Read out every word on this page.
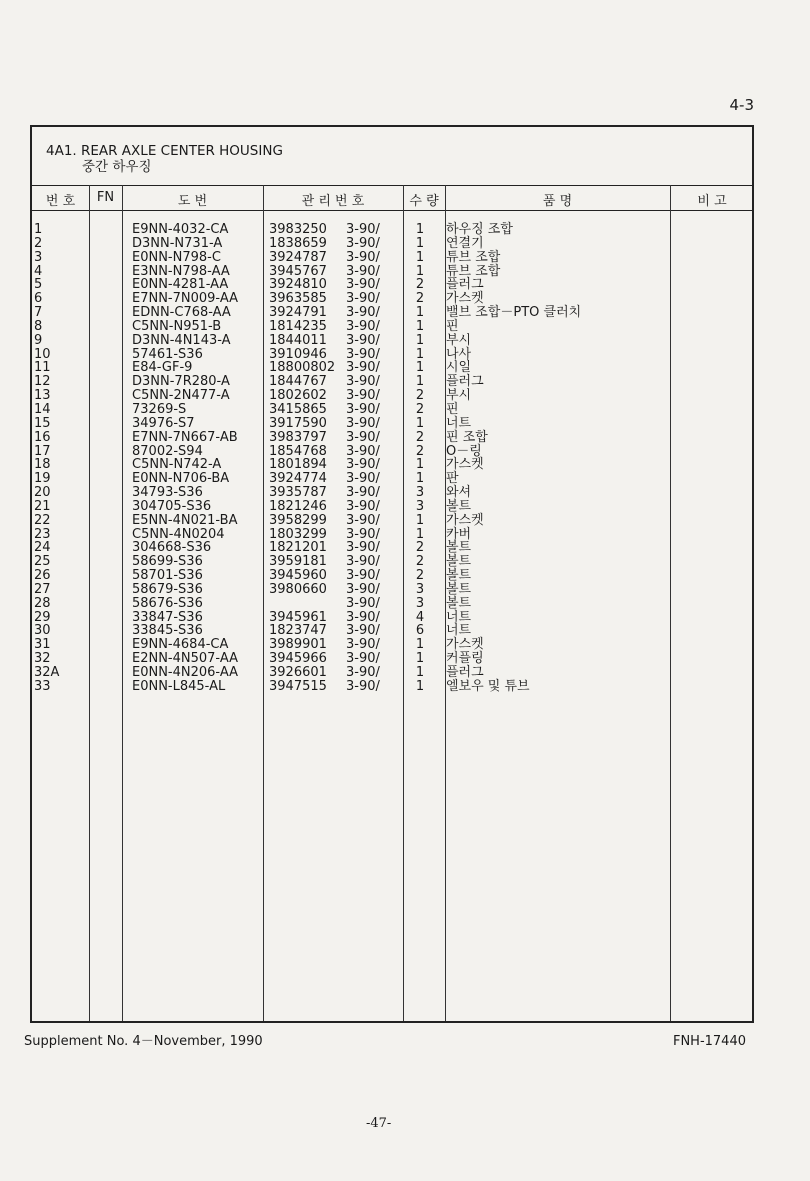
4-3
4A1. REAR AXLE CENTER HOUSING
중간 하우징
번 호	FN	도 번	관 리 번 호	수 량	품 명	비 고
1	E9NN-4032-CA	3983250 3-90/	1	하우징 조합
2	D3NN-N731-A	1838659 3-90/	1	연결기
3	E0NN-N798-C	3924787 3-90/	1	튜브 조합
4	E3NN-N798-AA	3945767 3-90/	1	튜브 조합
5	E0NN-4281-AA	3924810 3-90/	2	플러그
6	E7NN-7N009-AA 3963585 3-90/	2	가스켓
7	EDNN-C768-AA	3924791 3-90/	1	밸브 조합－PTO 클러치
8	C5NN-N951-B	1814235 3-90/	1	핀
9	D3NN-4N143-A	1844011 3-90/	1	부시
10	57461-S36	3910946 3-90/	1	나사
11	E84-GF-9	18800802 3-90/	1	시일
12	D3NN-7R280-A	1844767 3-90/	1	플러그
13	C5NN-2N477-A	1802602 3-90/	2	부시
14	73269-S	3415865 3-90/	2	핀
15	34976-S7	3917590 3-90/	1	너트
16	E7NN-7N667-AB 3983797 3-90/	2	핀 조합
17	87002-S94	1854768 3-90/	2	O－링
18	C5NN-N742-A	1801894 3-90/	1	가스켓
19	E0NN-N706-BA	3924774 3-90/	1	판
20	34793-S36	3935787 3-90/	3	와셔
21	304705-S36	1821246 3-90/	3	볼트
22	E5NN-4N021-BA 3958299 3-90/	1	가스켓
23	C5NN-4N0204	1803299 3-90/	1	카버
24	304668-S36	1821201 3-90/	2	볼트
25	58699-S36	3959181 3-90/	2	볼트
26	58701-S36	3945960 3-90/	2	볼트
27	58679-S36	3980660 3-90/	3	볼트
28	58676-S36	3-90/	3	볼트
29	33847-S36	3945961 3-90/	4	너트
30	33845-S36	1823747 3-90/	6	너트
31	E9NN-4684-CA	3989901 3-90/	1	가스켓
32	E2NN-4N507-AA 3945966 3-90/	1	커플링
32A	E0NN-4N206-AA 3926601 3-90/	1	플러그
33	E0NN-L845-AL	3947515 3-90/	1	엘보우 및 튜브
Supplement No. 4－November, 1990	FNH-17440
-47-
